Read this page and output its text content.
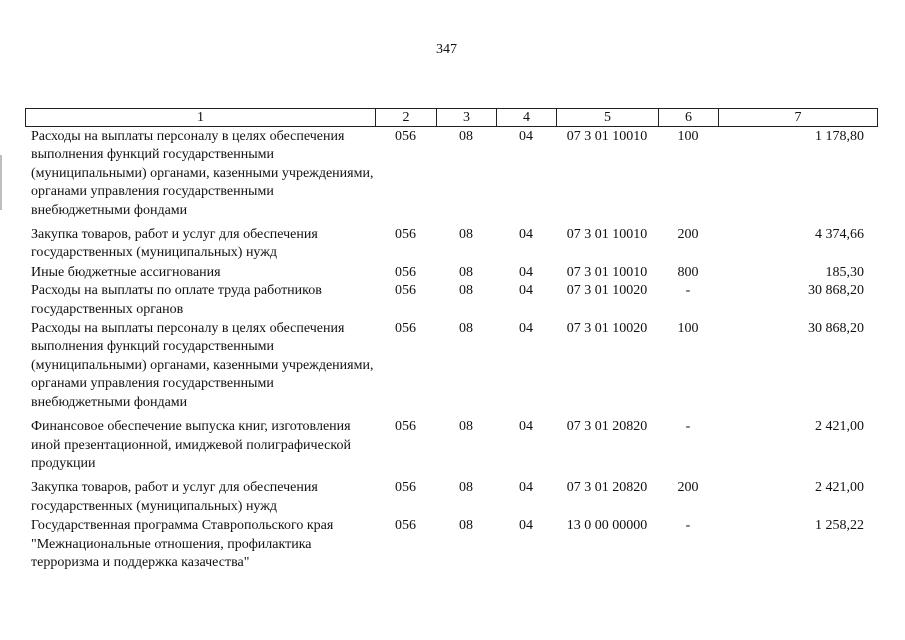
347
1	2	3	4	5	6	7
Расходы на выплаты персоналу в целях обеспечения выполнения функций государственными (муниципальными) органами, казенными учреждениями, органами управления государственными внебюджетными фондами
056	08	04	07 3 01 10010	100	1 178,80
Закупка товаров, работ и услуг для обеспечения государственных (муниципальных) нужд
056	08	04	07 3 01 10010	200	4 374,66
Иные бюджетные ассигнования	056	08	04	07 3 01 10010	800	185,30
Расходы на выплаты по оплате труда работников государственных органов
056	08	04	07 3 01 10020	-	30 868,20
Расходы на выплаты персоналу в целях обеспечения выполнения функций государственными (муниципальными) органами, казенными учреждениями, органами управления государственными внебюджетными фондами
056	08	04	07 3 01 10020	100	30 868,20
Финансовое обеспечение выпуска книг, изготовления иной презентационной, имиджевой полиграфической продукции
056	08	04	07 3 01 20820	-	2 421,00
Закупка товаров, работ и услуг для обеспечения государственных (муниципальных) нужд
056	08	04	07 3 01 20820	200	2 421,00
Государственная программа Ставропольского края "Межнациональные отношения, профилактика терроризма и поддержка казачества"
056	08	04	13 0 00 00000	-	1 258,22
